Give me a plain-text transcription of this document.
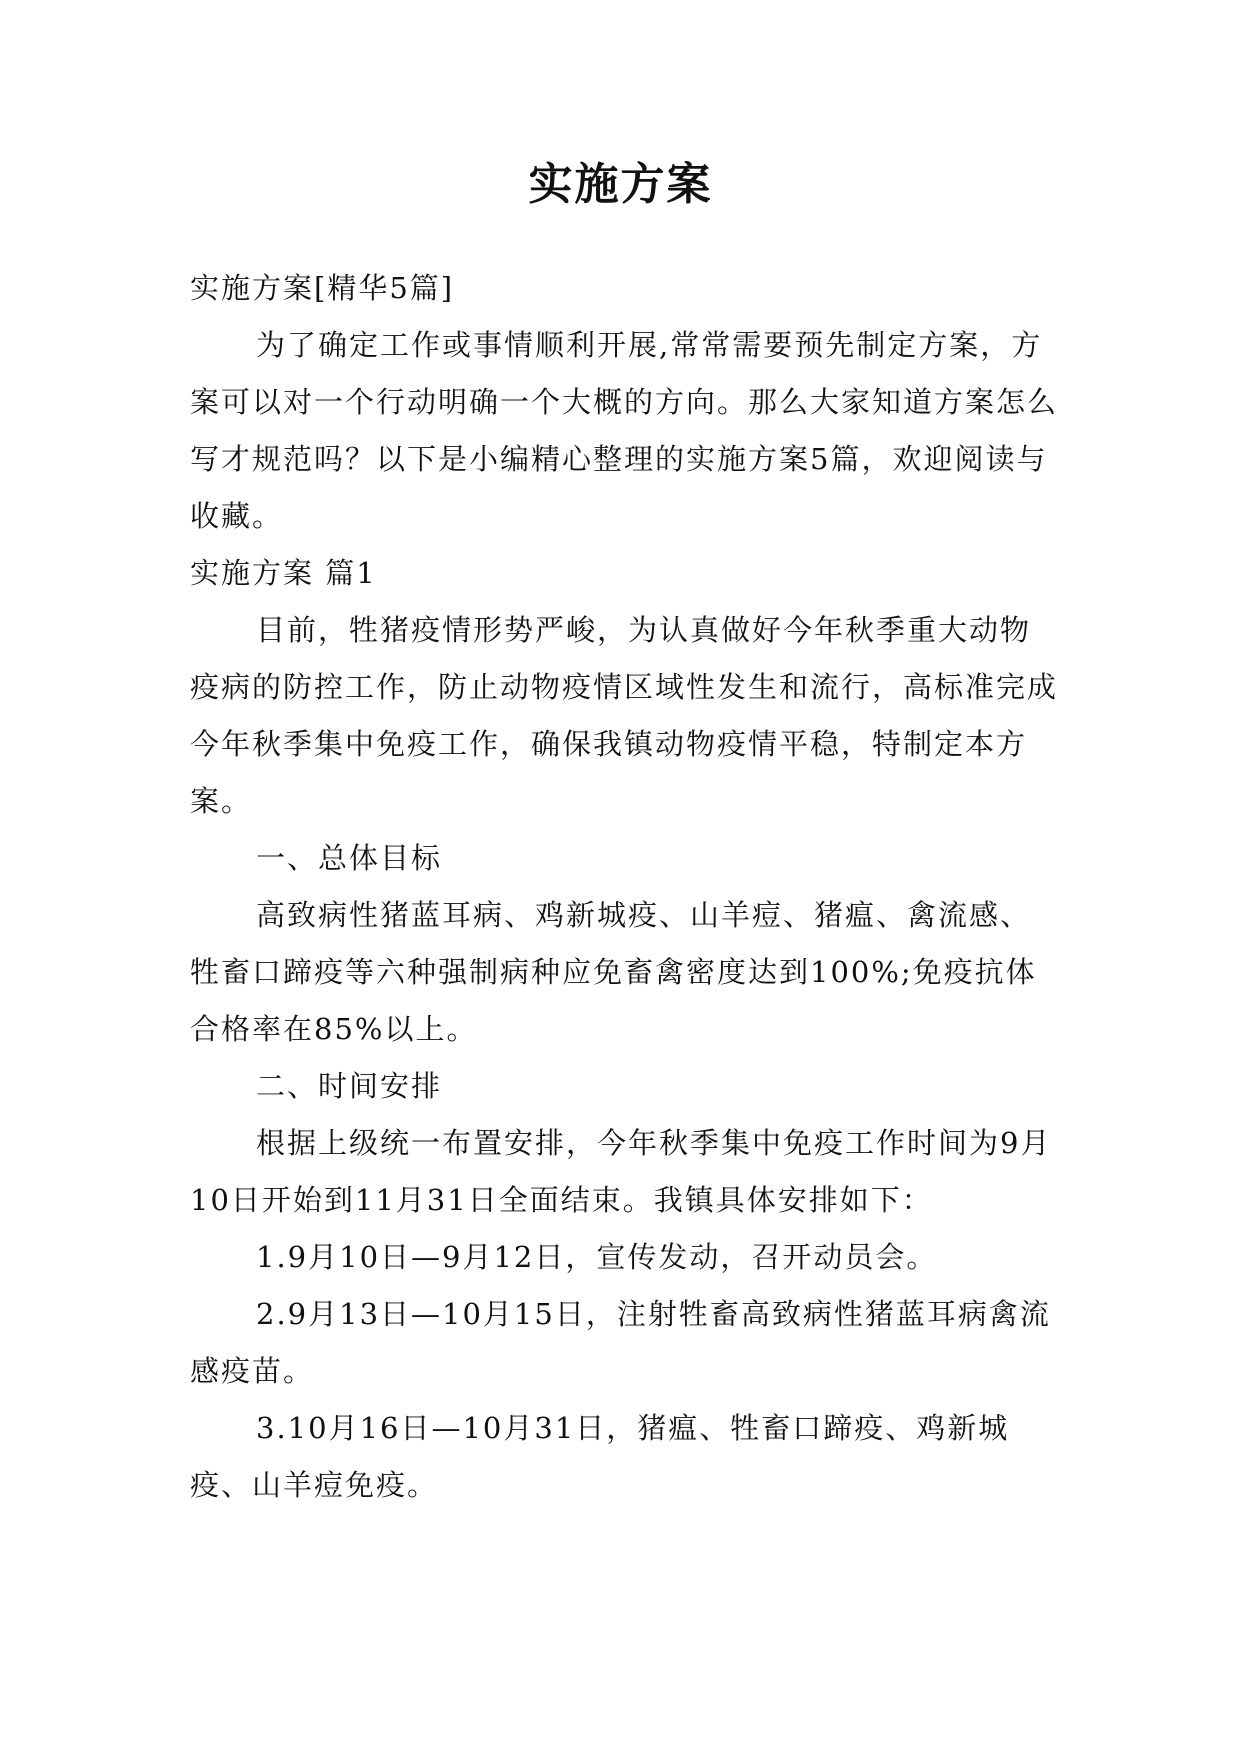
实施方案

实施方案[精华5篇]

为了确定工作或事情顺利开展,常常需要预先制定方案，方案可以对一个行动明确一个大概的方向。那么大家知道方案怎么写才规范吗？以下是小编精心整理的实施方案5篇，欢迎阅读与收藏。

实施方案 篇1

目前，牲猪疫情形势严峻，为认真做好今年秋季重大动物疫病的防控工作，防止动物疫情区域性发生和流行，高标准完成今年秋季集中免疫工作，确保我镇动物疫情平稳，特制定本方案。

一、总体目标

高致病性猪蓝耳病、鸡新城疫、山羊痘、猪瘟、禽流感、牲畜口蹄疫等六种强制病种应免畜禽密度达到100%;免疫抗体合格率在85%以上。

二、时间安排

根据上级统一布置安排，今年秋季集中免疫工作时间为9月10日开始到11月31日全面结束。我镇具体安排如下：

1.9月10日—9月12日，宣传发动，召开动员会。

2.9月13日—10月15日，注射牲畜高致病性猪蓝耳病禽流感疫苗。

3.10月16日—10月31日，猪瘟、牲畜口蹄疫、鸡新城疫、山羊痘免疫。
